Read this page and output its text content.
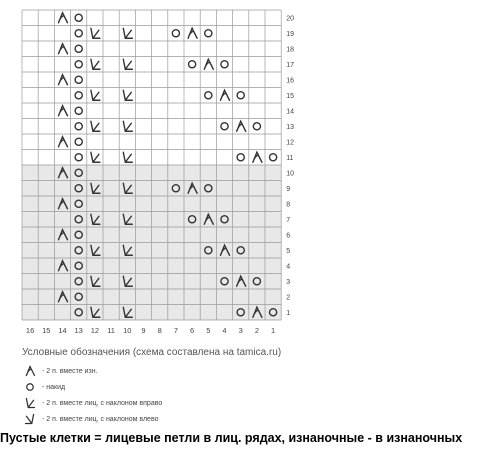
1
2
3
4
5
6
7
8
9
10
11
12
13
14
15
16
17
18
19
20
16 15 14 13 12 11 10 9 8 7 6 5 4 3 2 1
Условные обозначения (схема составлена на tamica.ru)
- 2 п. вместе изн.
- накид
- 2 п. вместе лиц. с наклоном вправо
- 2 п. вместе лиц. с наклоном влево
Пустые клетки = лицевые петли в лиц. рядах, изнаночные - в изнаночных
